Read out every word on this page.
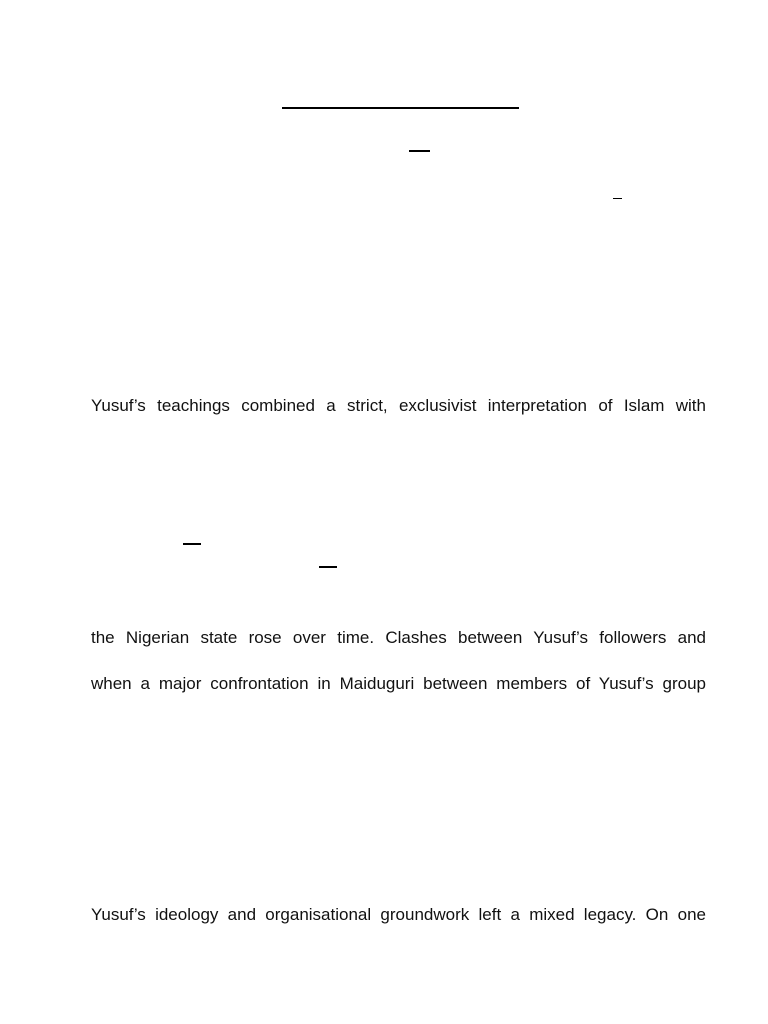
Yusuf’s teachings combined a strict, exclusivist interpretation of Islam with
the Nigerian state rose over time. Clashes between Yusuf’s followers and
when a major confrontation in Maiduguri between members of Yusuf’s group
Yusuf’s ideology and organisational groundwork left a mixed legacy. On one
